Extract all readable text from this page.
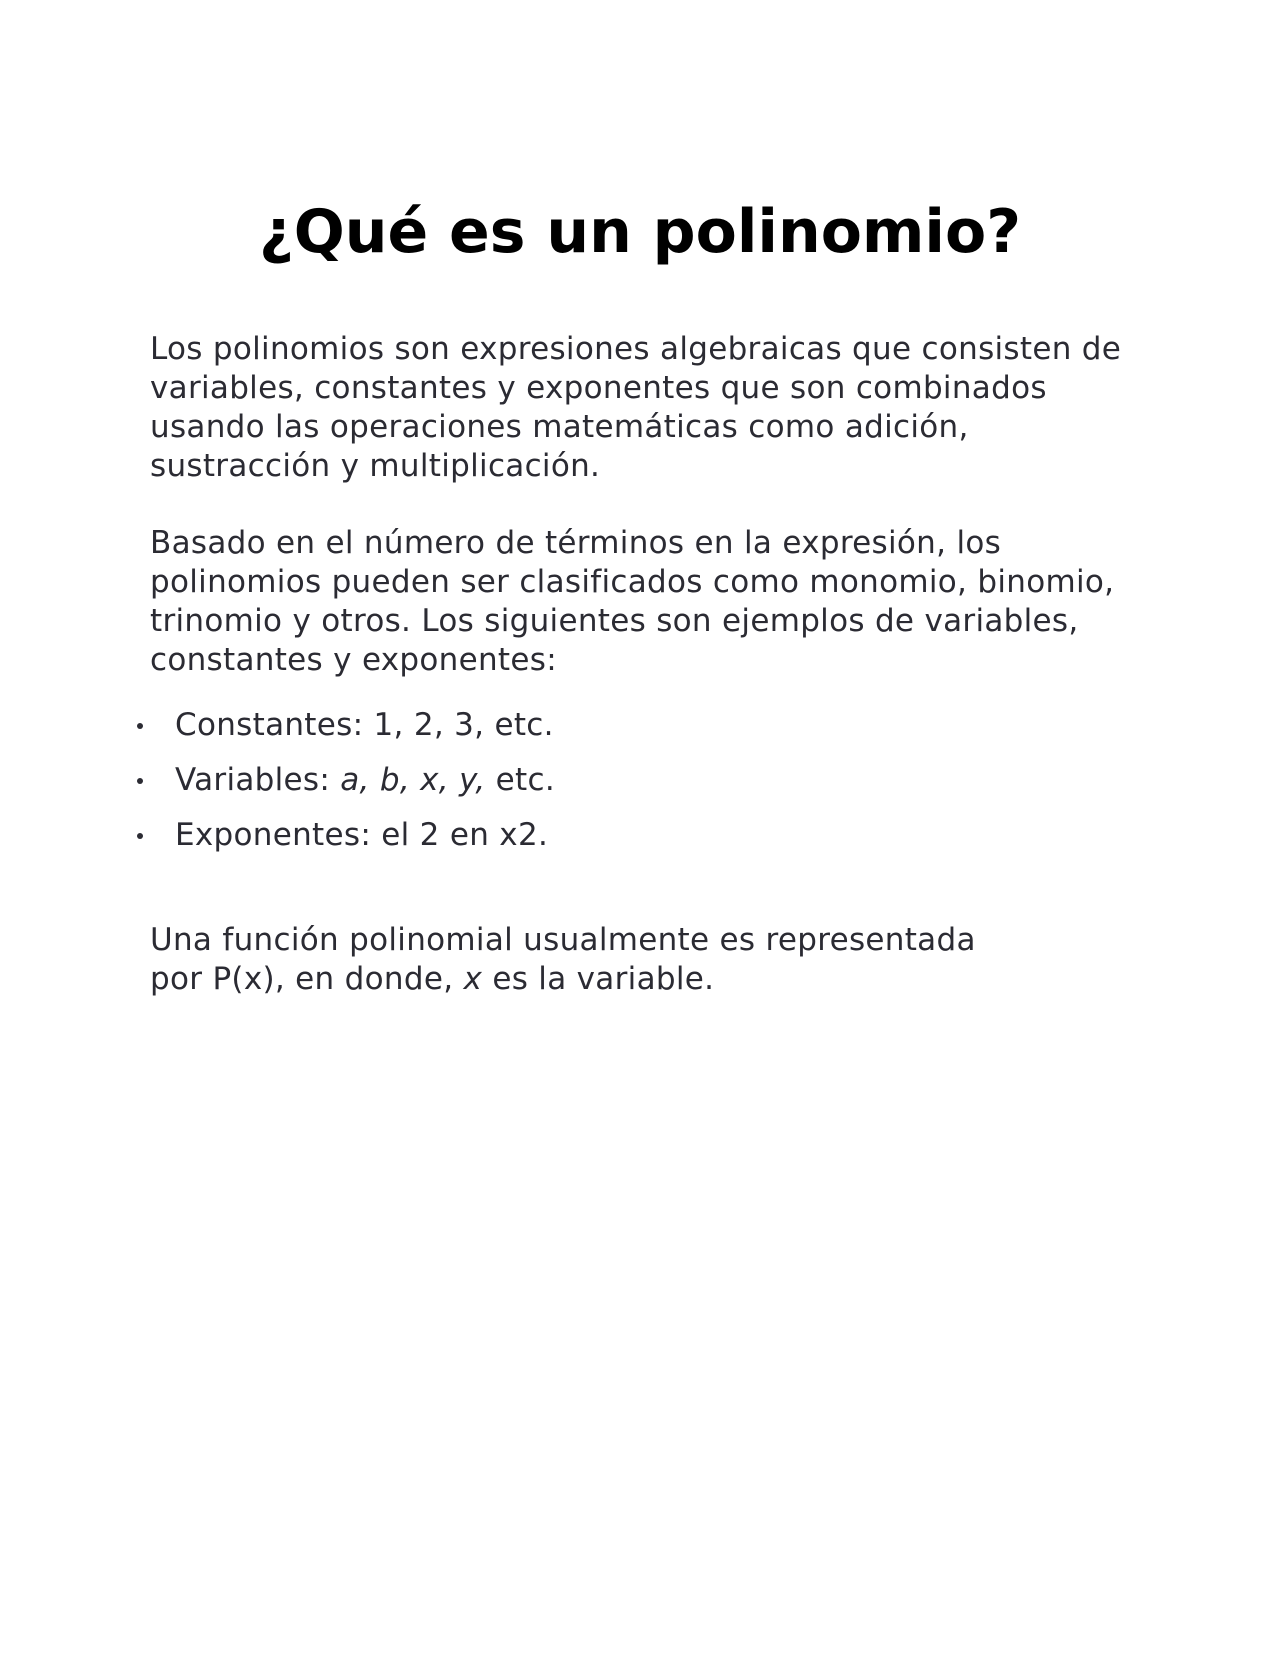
¿Qué es un polinomio?

Los polinomios son expresiones algebraicas que consisten de variables, constantes y exponentes que son combinados usando las operaciones matemáticas como adición, sustracción y multiplicación.

Basado en el número de términos en la expresión, los polinomios pueden ser clasificados como monomio, binomio, trinomio y otros. Los siguientes son ejemplos de variables, constantes y exponentes:

Constantes: 1, 2, 3, etc.
Variables: a, b, x, y, etc.
Exponentes: el 2 en x2.

Una función polinomial usualmente es representada
por P(x), en donde, x es la variable.
